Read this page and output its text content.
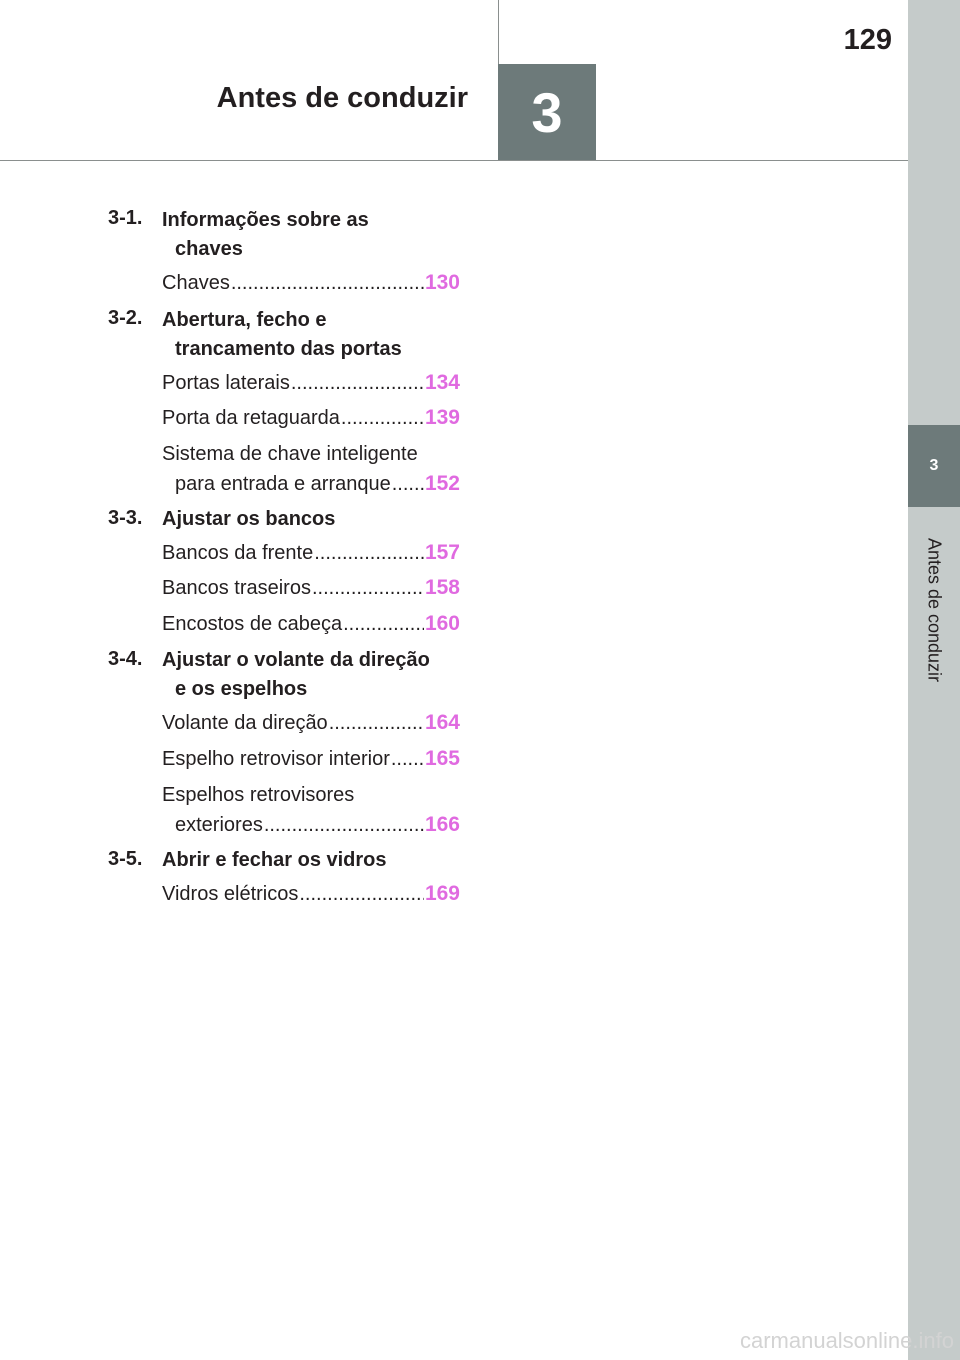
129
Antes de conduzir	3
3
Antes de conduzir
3-1. Informações sobre as
chaves
Chaves .....	130
3-2. Abertura, fecho e
trancamento das portas
Portas laterais .....	134
Porta da retaguarda .....	139
Sistema de chave inteligente
para entrada e arranque ..... 152
3-3. Ajustar os bancos
Bancos da frente .....	157
Bancos traseiros .....	158
Encostos de cabeça .....	160
3-4. Ajustar o volante da direção
e os espelhos
Volante da direção .....	164
Espelho retrovisor interior ..... 165
Espelhos retrovisores
exteriores .....	166
3-5. Abrir e fechar os vidros
Vidros elétricos .....	169
carmanualsonline.info
